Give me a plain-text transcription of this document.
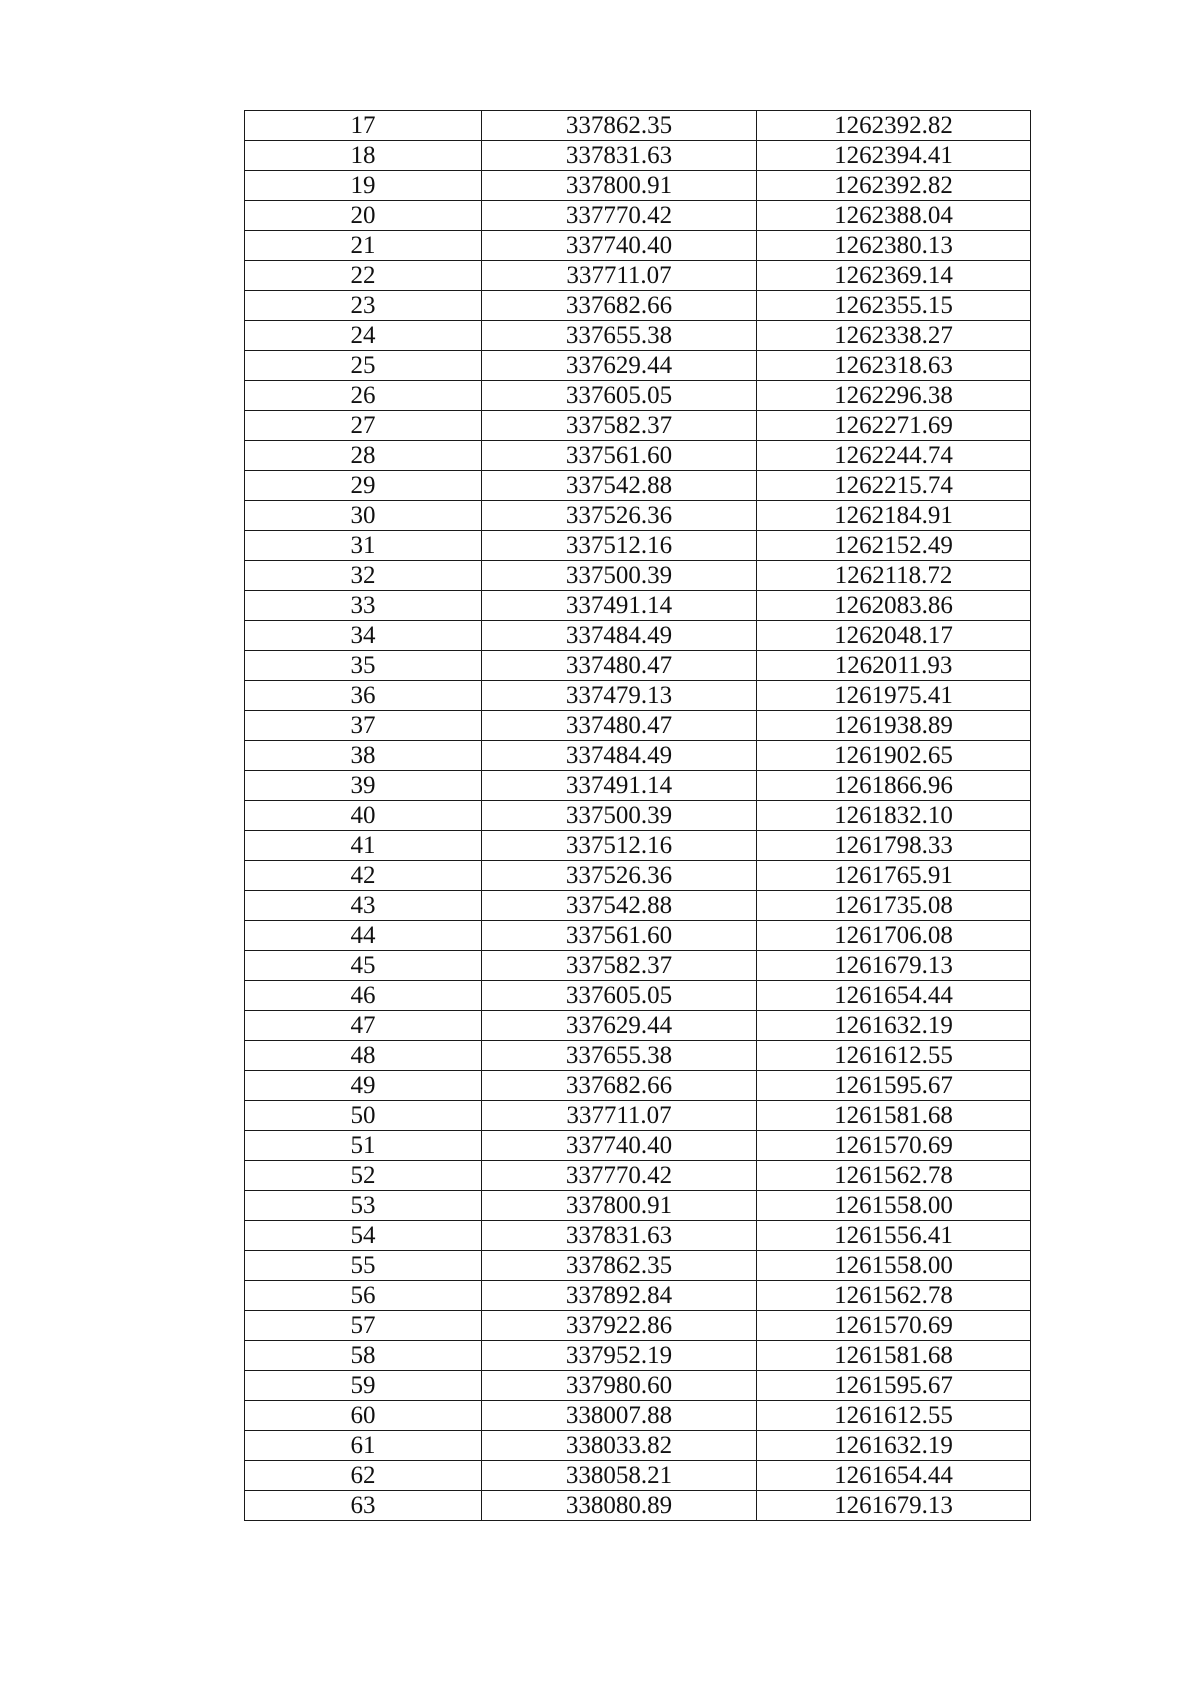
17	337862.35	1262392.82
18	337831.63	1262394.41
19	337800.91	1262392.82
20	337770.42	1262388.04
21	337740.40	1262380.13
22	337711.07	1262369.14
23	337682.66	1262355.15
24	337655.38	1262338.27
25	337629.44	1262318.63
26	337605.05	1262296.38
27	337582.37	1262271.69
28	337561.60	1262244.74
29	337542.88	1262215.74
30	337526.36	1262184.91
31	337512.16	1262152.49
32	337500.39	1262118.72
33	337491.14	1262083.86
34	337484.49	1262048.17
35	337480.47	1262011.93
36	337479.13	1261975.41
37	337480.47	1261938.89
38	337484.49	1261902.65
39	337491.14	1261866.96
40	337500.39	1261832.10
41	337512.16	1261798.33
42	337526.36	1261765.91
43	337542.88	1261735.08
44	337561.60	1261706.08
45	337582.37	1261679.13
46	337605.05	1261654.44
47	337629.44	1261632.19
48	337655.38	1261612.55
49	337682.66	1261595.67
50	337711.07	1261581.68
51	337740.40	1261570.69
52	337770.42	1261562.78
53	337800.91	1261558.00
54	337831.63	1261556.41
55	337862.35	1261558.00
56	337892.84	1261562.78
57	337922.86	1261570.69
58	337952.19	1261581.68
59	337980.60	1261595.67
60	338007.88	1261612.55
61	338033.82	1261632.19
62	338058.21	1261654.44
63	338080.89	1261679.13
